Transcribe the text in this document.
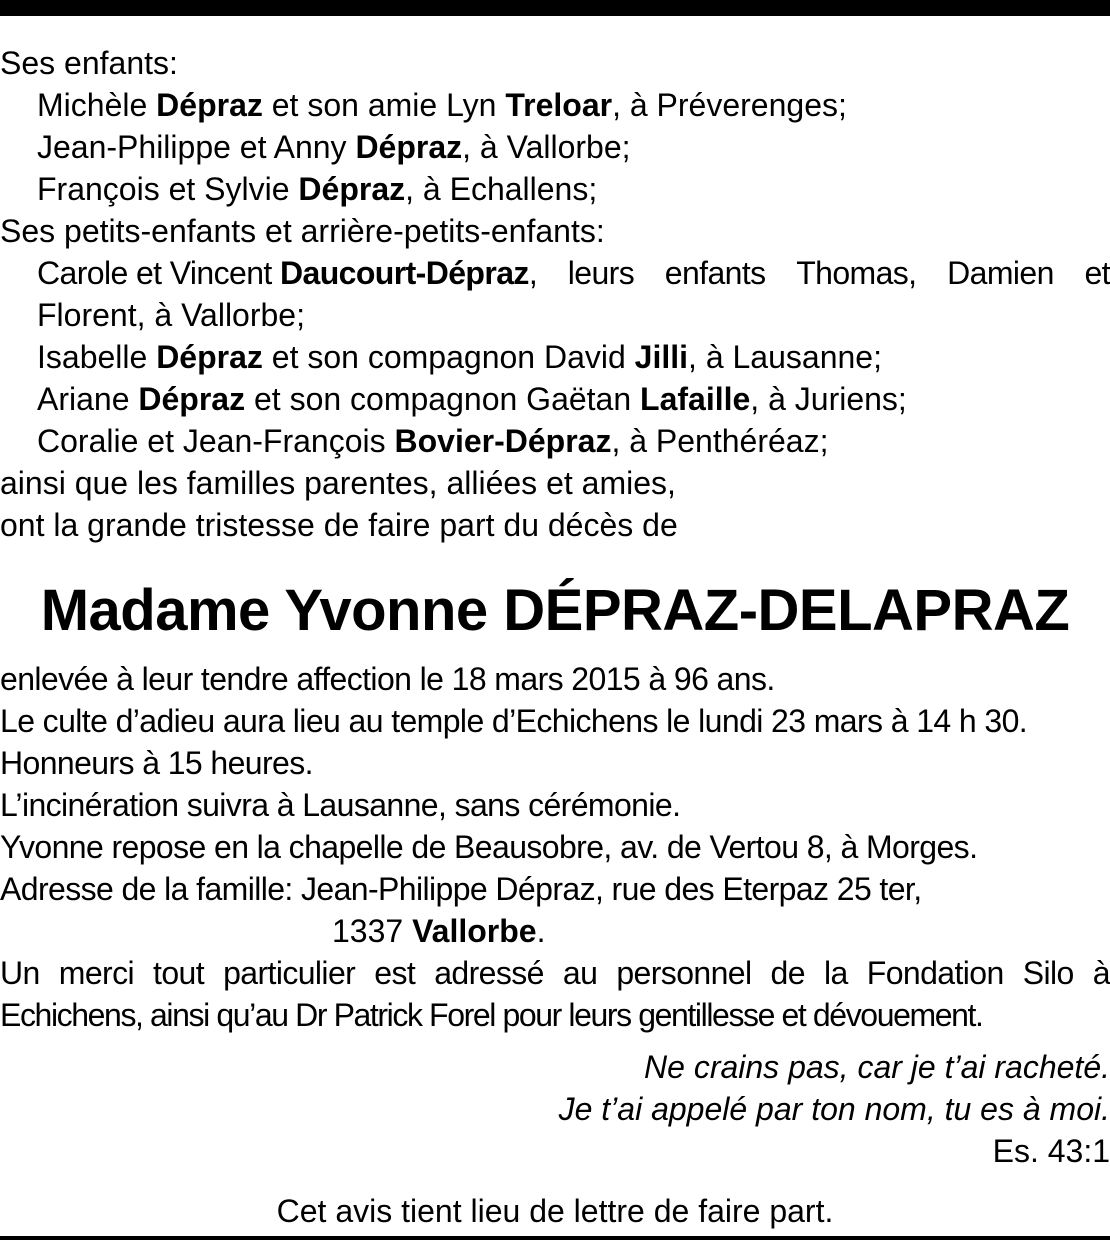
Ses enfants:
Michèle Dépraz et son amie Lyn Treloar, à Préverenges;
Jean-Philippe et Anny Dépraz, à Vallorbe;
François et Sylvie Dépraz, à Echallens;
Ses petits-enfants et arrière-petits-enfants:
Carole et Vincent Daucourt-Dépraz, leurs enfants Thomas, Damien et
Florent, à Vallorbe;
Isabelle Dépraz et son compagnon David Jilli, à Lausanne;
Ariane Dépraz et son compagnon Gaëtan Lafaille, à Juriens;
Coralie et Jean-François Bovier-Dépraz, à Penthéréaz;
ainsi que les familles parentes, alliées et amies,
ont la grande tristesse de faire part du décès de
Madame Yvonne DÉPRAZ-DELAPRAZ
enlevée à leur tendre affection le 18 mars 2015 à 96 ans.
Le culte d’adieu aura lieu au temple d’Echichens le lundi 23 mars à 14 h 30.
Honneurs à 15 heures.
L’incinération suivra à Lausanne, sans cérémonie.
Yvonne repose en la chapelle de Beausobre, av. de Vertou 8, à Morges.
Adresse de la famille: Jean-Philippe Dépraz, rue des Eterpaz 25 ter,
1337 Vallorbe.
Un merci tout particulier est adressé au personnel de la Fondation Silo à
Echichens, ainsi qu’au Dr Patrick Forel pour leurs gentillesse et dévouement.
Ne crains pas, car je t’ai racheté.
Je t’ai appelé par ton nom, tu es à moi.
Es. 43:1
Cet avis tient lieu de lettre de faire part.
